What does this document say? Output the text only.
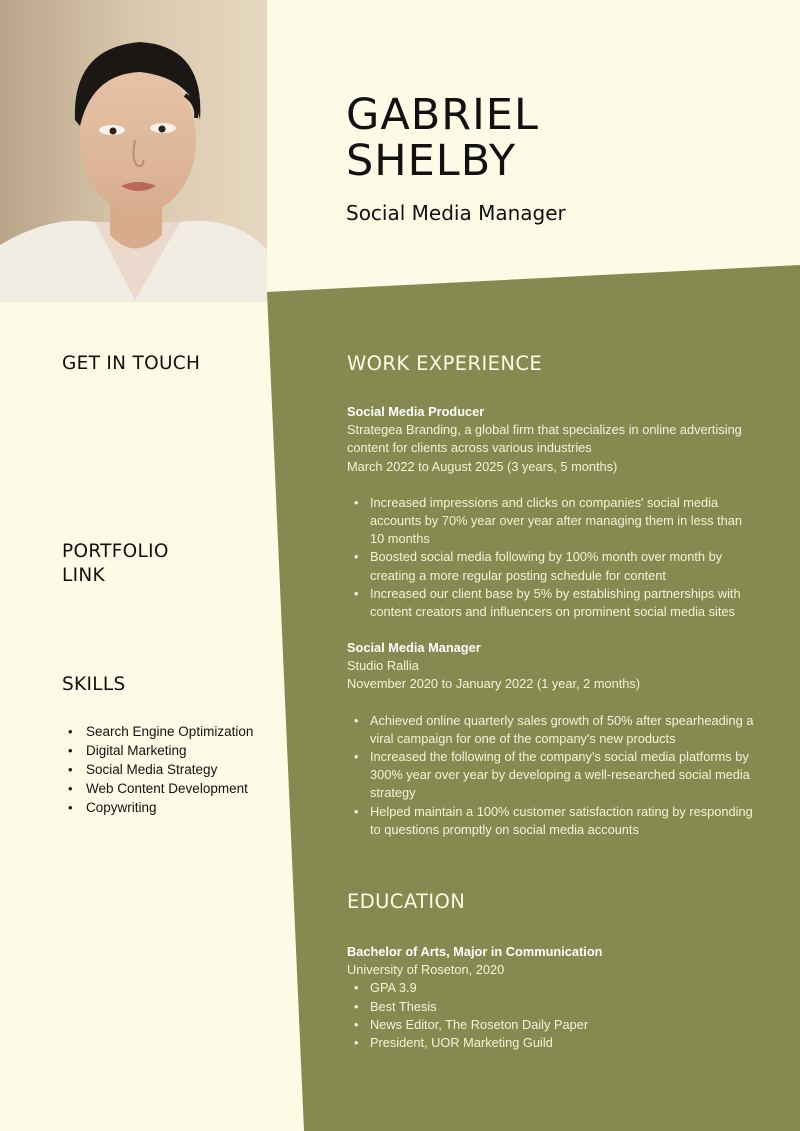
GABRIEL
SHELBY
Social Media Manager
GET IN TOUCH
PORTFOLIO
LINK
SKILLS
• Search Engine Optimization
• Digital Marketing
• Social Media Strategy
• Web Content Development
• Copywriting
WORK EXPERIENCE
Social Media Producer
Strategea Branding, a global firm that specializes in online advertising content for clients across various industries
March 2022 to August 2025 (3 years, 5 months)
• Increased impressions and clicks on companies' social media accounts by 70% year over year after managing them in less than 10 months
• Boosted social media following by 100% month over month by creating a more regular posting schedule for content
• Increased our client base by 5% by establishing partnerships with content creators and influencers on prominent social media sites
Social Media Manager
Studio Rallia
November 2020 to January 2022 (1 year, 2 months)
• Achieved online quarterly sales growth of 50% after spearheading a viral campaign for one of the company's new products
• Increased the following of the company's social media platforms by 300% year over year by developing a well-researched social media strategy
• Helped maintain a 100% customer satisfaction rating by responding to questions promptly on social media accounts
EDUCATION
Bachelor of Arts, Major in Communication
University of Roseton, 2020
• GPA 3.9
• Best Thesis
• News Editor, The Roseton Daily Paper
• President, UOR Marketing Guild
